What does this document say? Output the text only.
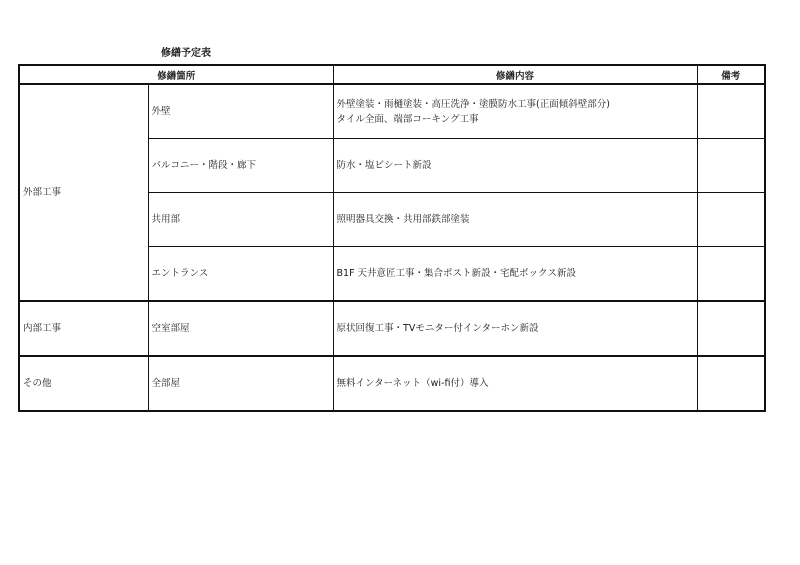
修繕予定表
修繕箇所		修繕内容	備考
外部工事	外壁	外壁塗装・雨樋塗装・高圧洗浄・塗膜防水工事(正面傾斜壁部分)
タイル全面、端部コーキング工事	

	バルコニー・階段・廊下	防水・塩ビシート新設	

	共用部	照明器具交換・共用部鉄部塗装	

	エントランス	B1F 天井意匠工事・集合ポスト新設・宅配ボックス新設	

内部工事	空室部屋	原状回復工事・TVモニター付インターホン新設	

その他	全部屋	無料インターネット（wi-fi付）導入	
